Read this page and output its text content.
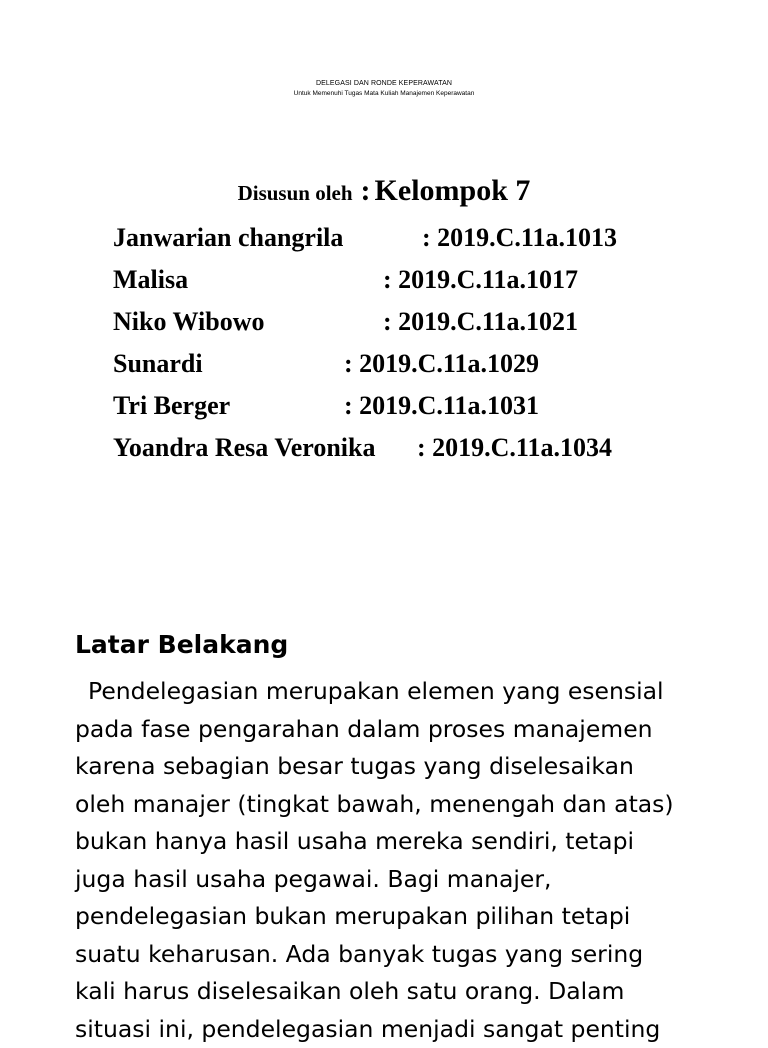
DELEGASI DAN RONDE KEPERAWATAN
Untuk Memenuhi Tugas Mata Kuliah Manajemen Keperawatan
Disusun oleh : Kelompok 7
Janwarian changrila	: 2019.C.11a.1013
Malisa	: 2019.C.11a.1017
Niko Wibowo	: 2019.C.11a.1021
Sunardi	: 2019.C.11a.1029
Tri Berger	: 2019.C.11a.1031
Yoandra Resa Veronika : 2019.C.11a.1034
Latar Belakang
Pendelegasian merupakan elemen yang esensial
pada fase pengarahan dalam proses manajemen
karena sebagian besar tugas yang diselesaikan
oleh manajer (tingkat bawah, menengah dan atas)
bukan hanya hasil usaha mereka sendiri, tetapi
juga hasil usaha pegawai. Bagi manajer,
pendelegasian bukan merupakan pilihan tetapi
suatu keharusan. Ada banyak tugas yang sering
kali harus diselesaikan oleh satu orang. Dalam
situasi ini, pendelegasian menjadi sangat penting
